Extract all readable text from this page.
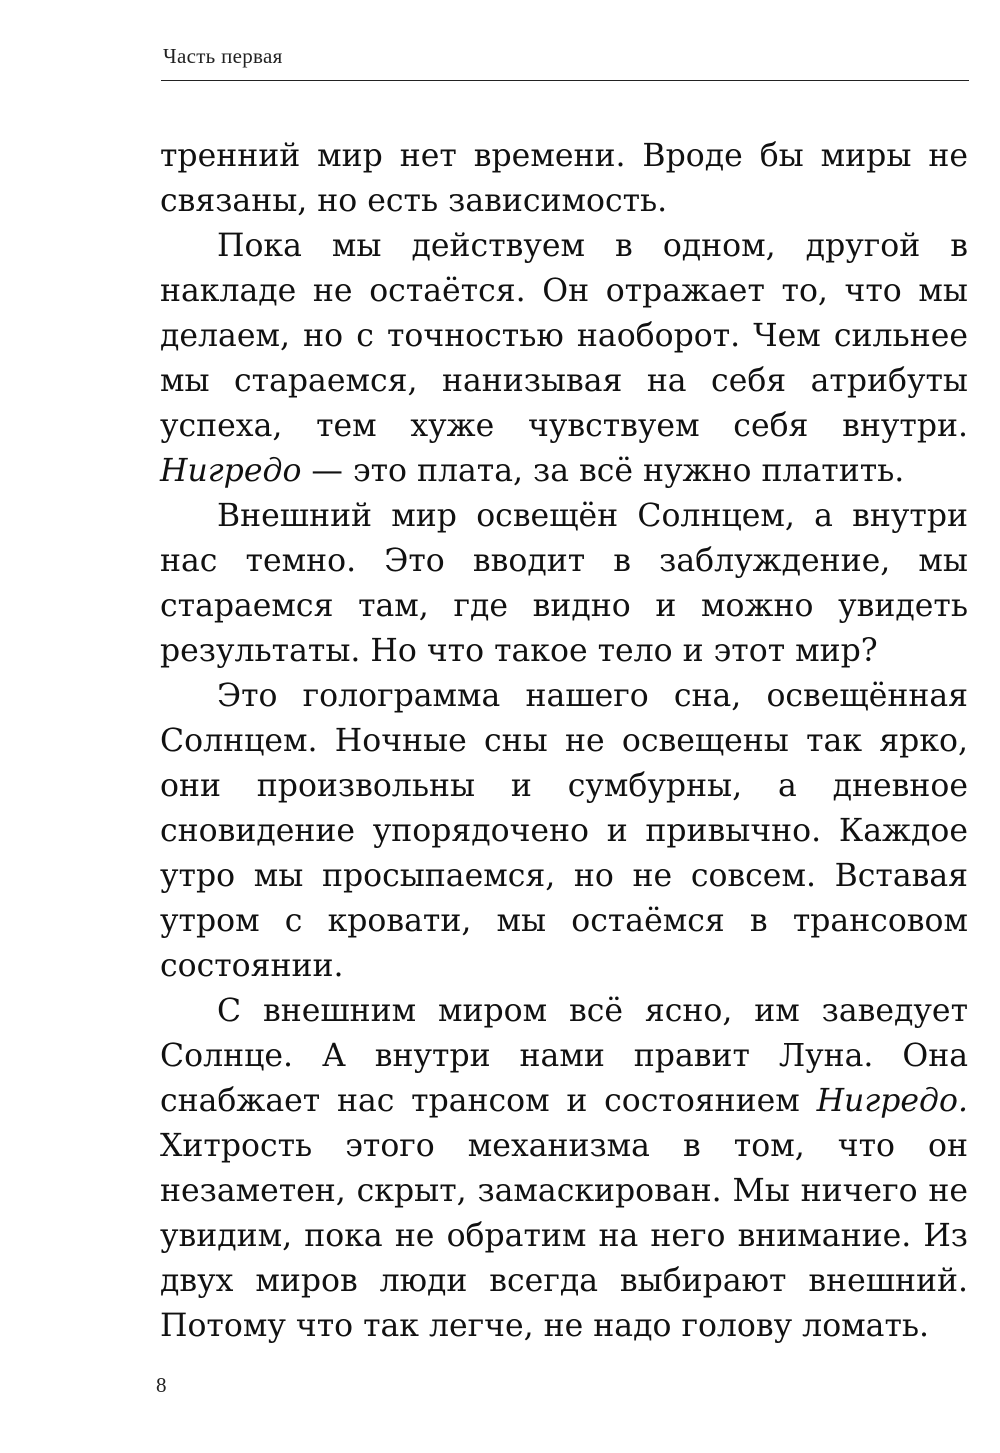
Часть первая

тренний мир нет времени. Вроде бы миры не связаны, но есть зависимость.

Пока мы действуем в одном, другой в накладе не остаётся. Он отражает то, что мы делаем, но с точностью наоборот. Чем сильнее мы стараемся, нанизывая на себя атрибуты успеха, тем хуже чувствуем себя внутри. Нигредо — это плата, за всё нужно платить.

Внешний мир освещён Солнцем, а внутри нас темно. Это вводит в заблуждение, мы стараемся там, где видно и можно увидеть результаты. Но что такое тело и этот мир?

Это голограмма нашего сна, освещённая Солнцем. Ночные сны не освещены так ярко, они произвольны и сумбурны, а дневное сновидение упорядочено и привычно. Каждое утро мы просыпаемся, но не совсем. Вставая утром с кровати, мы остаёмся в трансовом состоянии.

С внешним миром всё ясно, им заведует Солнце. А внутри нами правит Луна. Она снабжает нас трансом и состоянием Нигредо. Хитрость этого механизма в том, что он незаметен, скрыт, замаскирован. Мы ничего не увидим, пока не обратим на него внимание. Из двух миров люди всегда выбирают внешний. Потому что так легче, не надо голову ломать.

8
